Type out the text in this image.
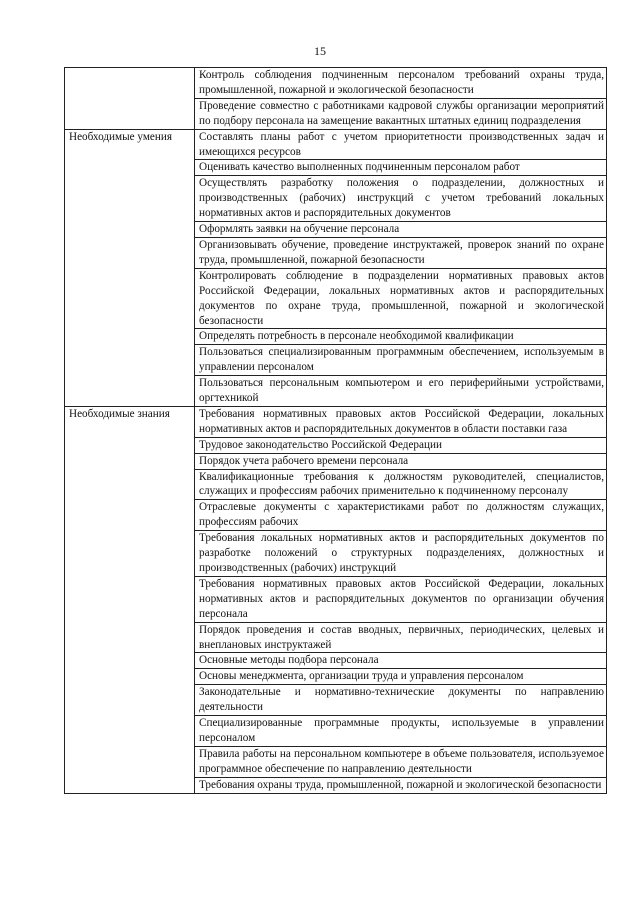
15
	Контроль соблюдения подчиненным персоналом требований охраны труда, промышленной, пожарной и экологической безопасности
	Проведение совместно с работниками кадровой службы организации мероприятий по подбору персонала на замещение вакантных штатных единиц подразделения
Необходимые умения	Составлять планы работ с учетом приоритетности производственных задач и имеющихся ресурсов
	Оценивать качество выполненных подчиненным персоналом работ
	Осуществлять разработку положения о подразделении, должностных и производственных (рабочих) инструкций с учетом требований локальных нормативных актов и распорядительных документов
	Оформлять заявки на обучение персонала
	Организовывать обучение, проведение инструктажей, проверок знаний по охране труда, промышленной, пожарной безопасности
	Контролировать соблюдение в подразделении нормативных правовых актов Российской Федерации, локальных нормативных актов и распорядительных документов по охране труда, промышленной, пожарной и экологической безопасности
	Определять потребность в персонале необходимой квалификации
	Пользоваться специализированным программным обеспечением, используемым в управлении персоналом
	Пользоваться персональным компьютером и его периферийными устройствами, оргтехникой
Необходимые знания	Требования нормативных правовых актов Российской Федерации, локальных нормативных актов и распорядительных документов в области поставки газа
	Трудовое законодательство Российской Федерации
	Порядок учета рабочего времени персонала
	Квалификационные требования к должностям руководителей, специалистов, служащих и профессиям рабочих применительно к подчиненному персоналу
	Отраслевые документы с характеристиками работ по должностям служащих, профессиям рабочих
	Требования локальных нормативных актов и распорядительных документов по разработке положений о структурных подразделениях, должностных и производственных (рабочих) инструкций
	Требования нормативных правовых актов Российской Федерации, локальных нормативных актов и распорядительных документов по организации обучения персонала
	Порядок проведения и состав вводных, первичных, периодических, целевых и внеплановых инструктажей
	Основные методы подбора персонала
	Основы менеджмента, организации труда и управления персоналом
	Законодательные и нормативно-технические документы по направлению деятельности
	Специализированные программные продукты, используемые в управлении персоналом
	Правила работы на персональном компьютере в объеме пользователя, используемое программное обеспечение по направлению деятельности
	Требования охраны труда, промышленной, пожарной и экологической безопасности
